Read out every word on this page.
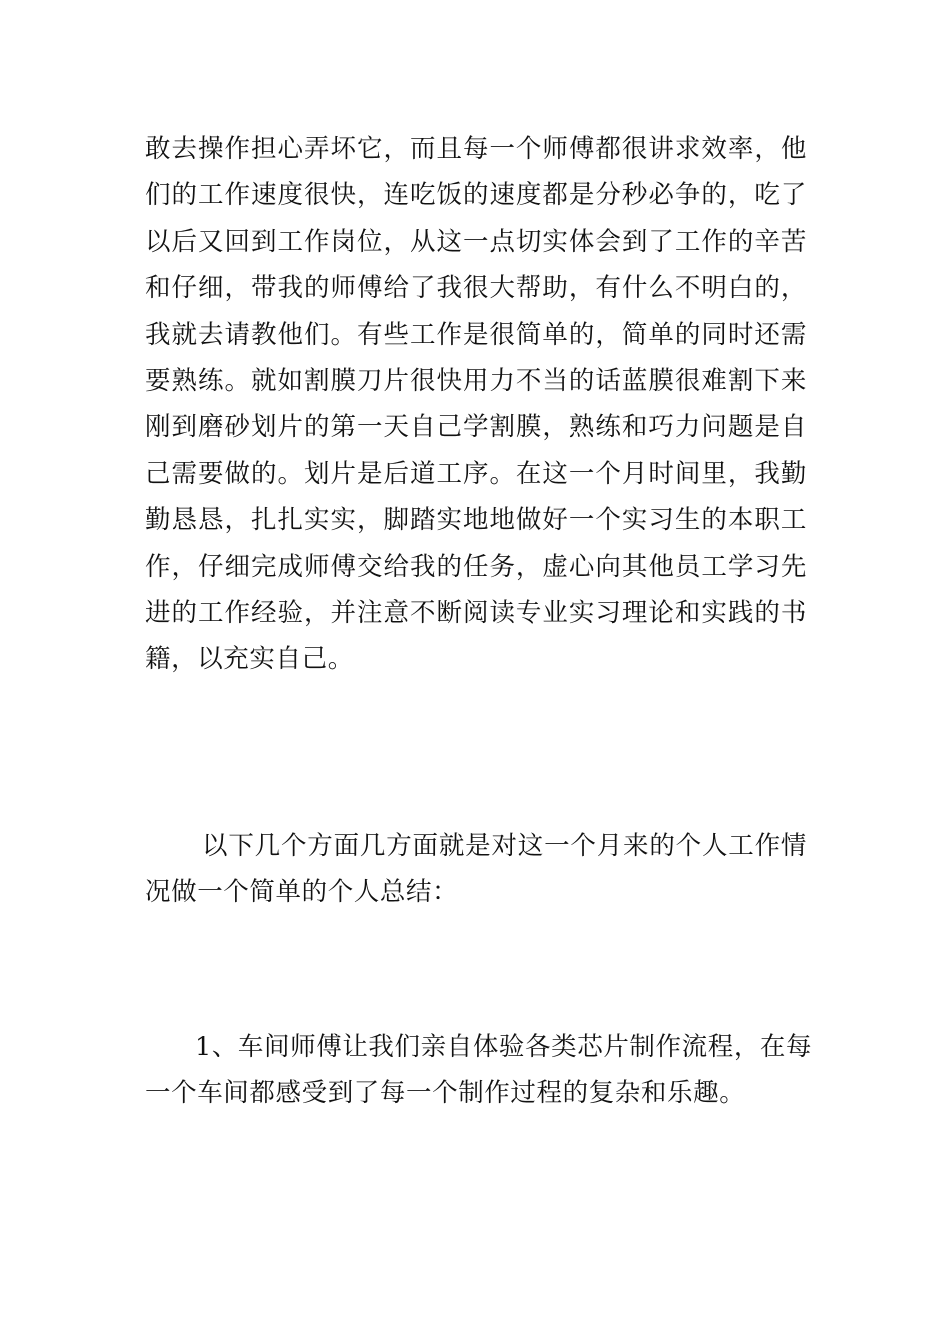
敢去操作担心弄坏它，而且每一个师傅都很讲求效率，他
们的工作速度很快，连吃饭的速度都是分秒必争的，吃了
以后又回到工作岗位，从这一点切实体会到了工作的辛苦
和仔细，带我的师傅给了我很大帮助，有什么不明白的，
我就去请教他们。有些工作是很简单的，简单的同时还需
要熟练。就如割膜刀片很快用力不当的话蓝膜很难割下来
刚到磨砂划片的第一天自己学割膜，熟练和巧力问题是自
己需要做的。划片是后道工序。在这一个月时间里，我勤
勤恳恳，扎扎实实，脚踏实地地做好一个实习生的本职工
作，仔细完成师傅交给我的任务，虚心向其他员工学习先
进的工作经验，并注意不断阅读专业实习理论和实践的书
籍，以充实自己。

以下几个方面几方面就是对这一个月来的个人工作情
况做一个简单的个人总结：

1、车间师傅让我们亲自体验各类芯片制作流程，在每
一个车间都感受到了每一个制作过程的复杂和乐趣。
